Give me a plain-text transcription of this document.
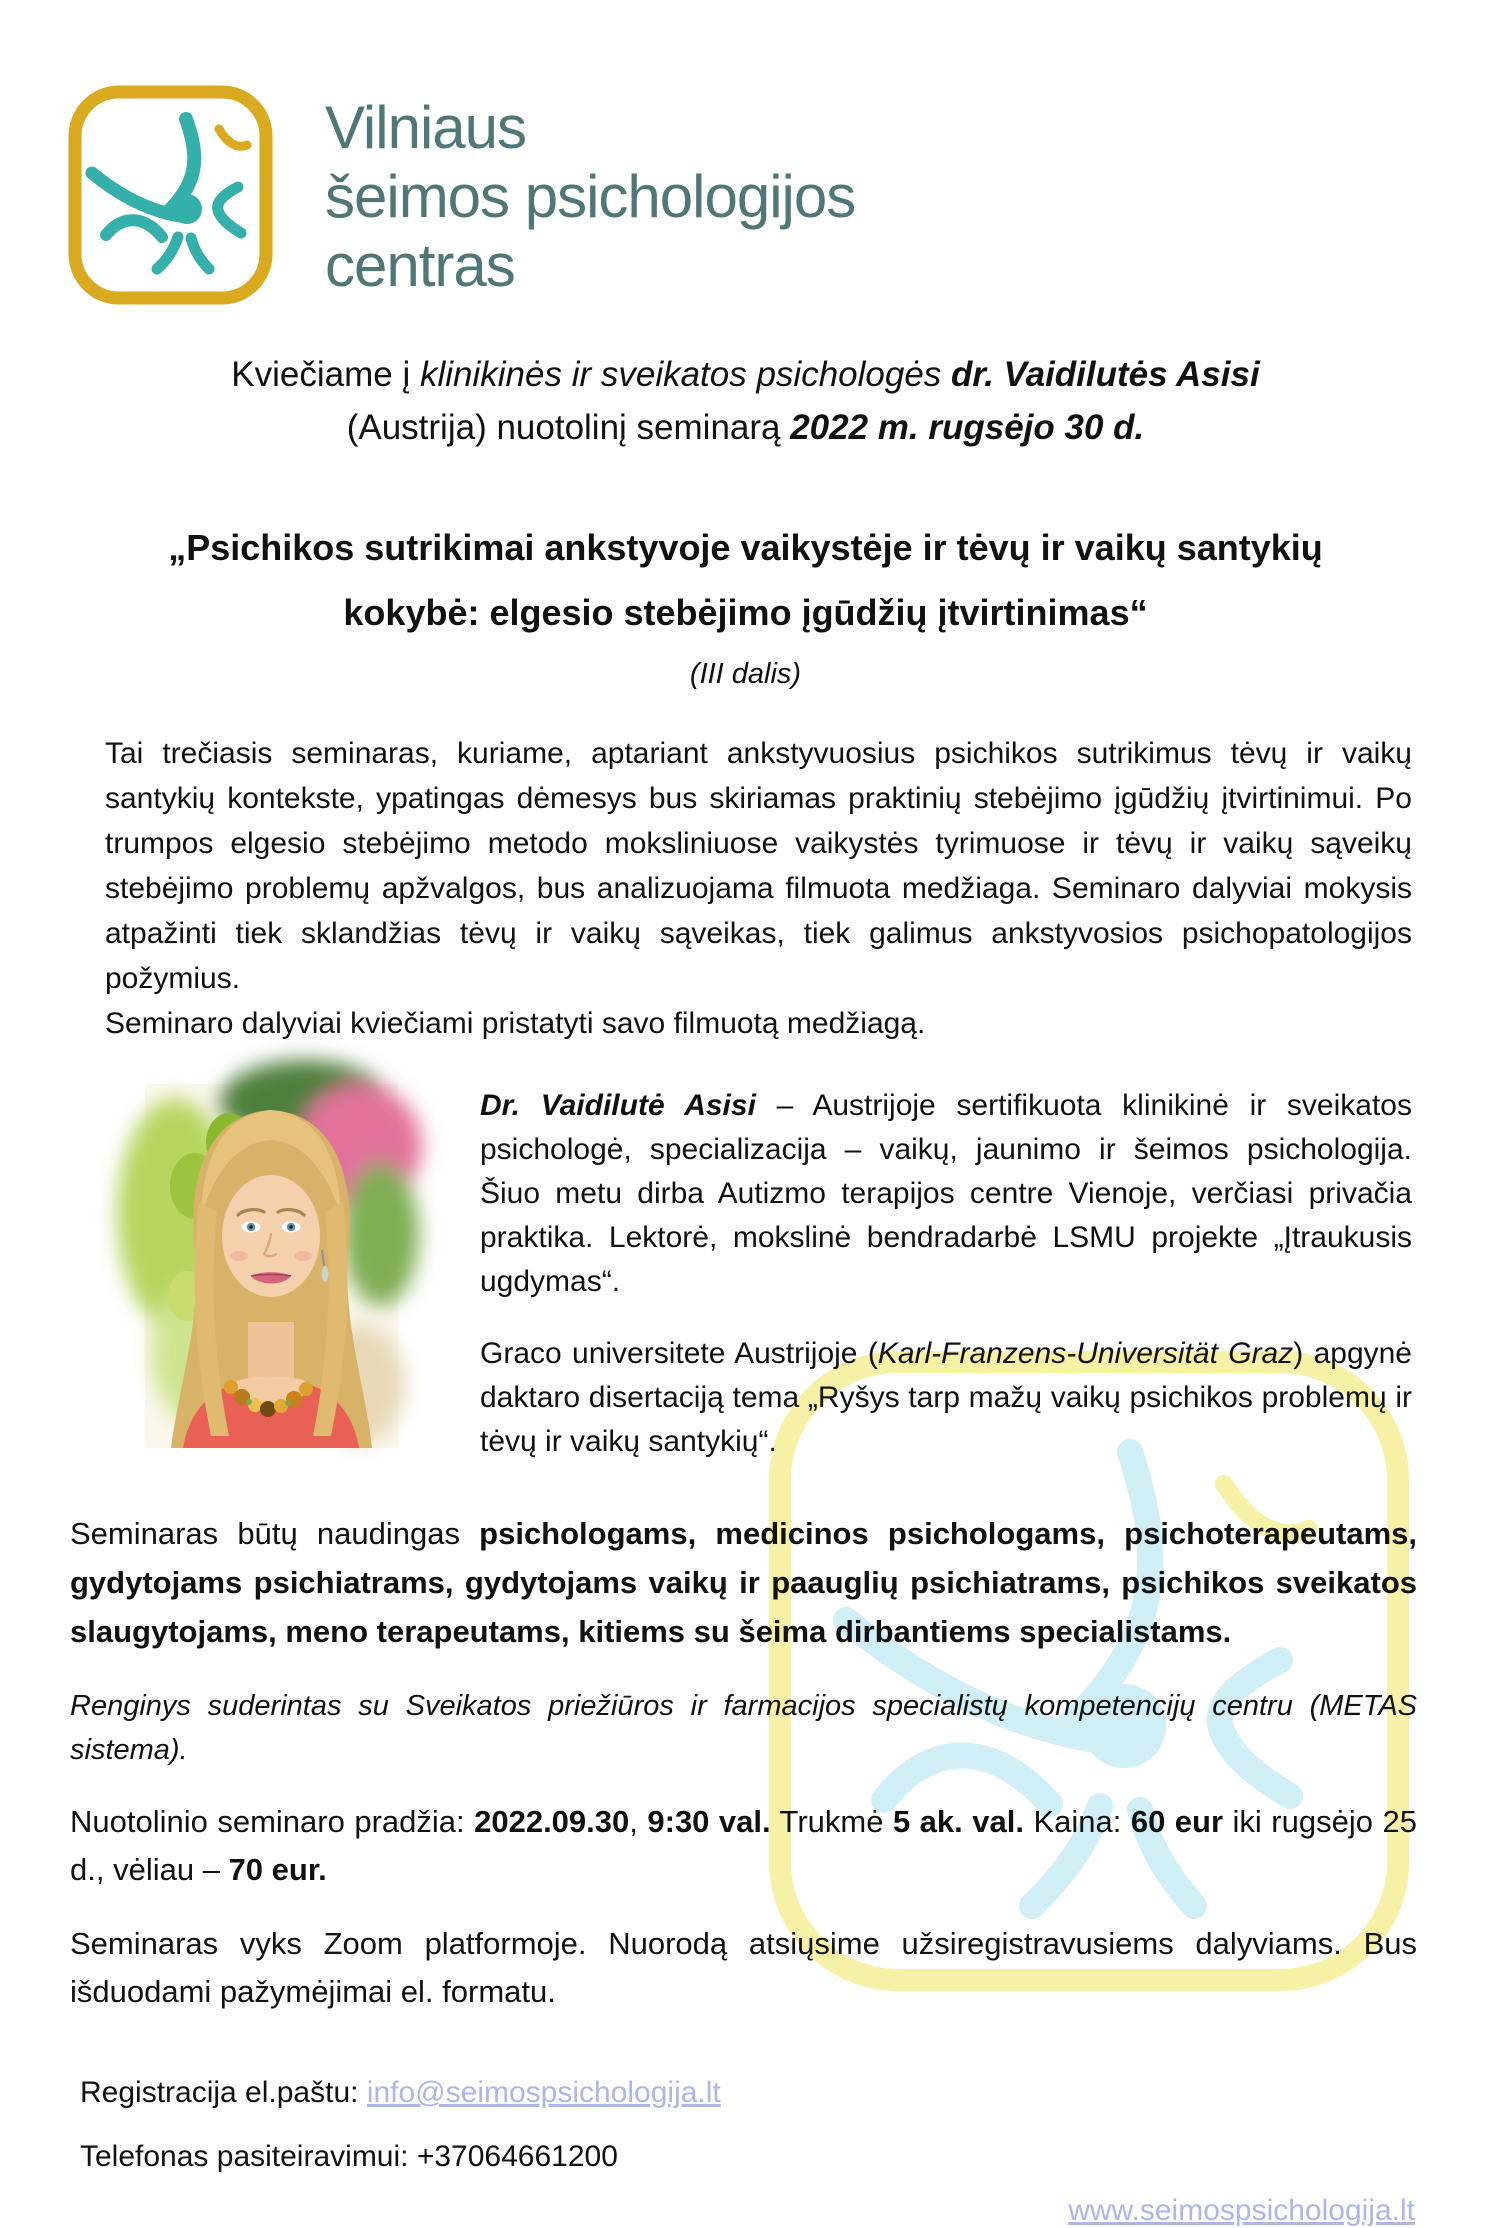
Vilniaus
šeimos psichologijos
centras
Kviečiame į klinikinės ir sveikatos psichologės dr. Vaidilutės Asisi
(Austrija) nuotolinį seminarą 2022 m. rugsėjo 30 d.
„Psichikos sutrikimai ankstyvoje vaikystėje ir tėvų ir vaikų santykių kokybė: elgesio stebėjimo įgūdžių įtvirtinimas“
(III dalis)

Tai trečiasis seminaras, kuriame, aptariant ankstyvuosius psichikos sutrikimus tėvų ir vaikų santykių kontekste, ypatingas dėmesys bus skiriamas praktinių stebėjimo įgūdžių įtvirtinimui. Po trumpos elgesio stebėjimo metodo moksliniuose vaikystės tyrimuose ir tėvų ir vaikų sąveikų stebėjimo problemų apžvalgos, bus analizuojama filmuota medžiaga. Seminaro dalyviai mokysis atpažinti tiek sklandžias tėvų ir vaikų sąveikas, tiek galimus ankstyvosios psichopatologijos požymius.

Seminaro dalyviai kviečiami pristatyti savo filmuotą medžiagą.

Dr. Vaidilutė Asisi – Austrijoje sertifikuota klinikinė ir sveikatos psichologė, specializacija – vaikų, jaunimo ir šeimos psichologija. Šiuo metu dirba Autizmo terapijos centre Vienoje, verčiasi privačia praktika. Lektorė, mokslinė bendradarbė LSMU projekte „Įtraukusis ugdymas“.

Graco universitete Austrijoje (Karl-Franzens-Universität Graz) apgynė daktaro disertaciją tema „Ryšys tarp mažų vaikų psichikos problemų ir tėvų ir vaikų santykių“.

Seminaras būtų naudingas psichologams, medicinos psichologams, psichoterapeutams, gydytojams psichiatrams, gydytojams vaikų ir paauglių psichiatrams, psichikos sveikatos slaugytojams, meno terapeutams, kitiems su šeima dirbantiems specialistams.

Renginys suderintas su Sveikatos priežiūros ir farmacijos specialistų kompetencijų centru (METAS sistema).

Nuotolinio seminaro pradžia: 2022.09.30, 9:30 val. Trukmė 5 ak. val. Kaina: 60 eur iki rugsėjo 25 d., vėliau – 70 eur.

Seminaras vyks Zoom platformoje. Nuorodą atsiųsime užsiregistravusiems dalyviams. Bus išduodami pažymėjimai el. formatu.

Registracija el.paštu: info@seimospsichologija.lt
Telefonas pasiteiravimui: +37064661200
www.seimospsichologija.lt
